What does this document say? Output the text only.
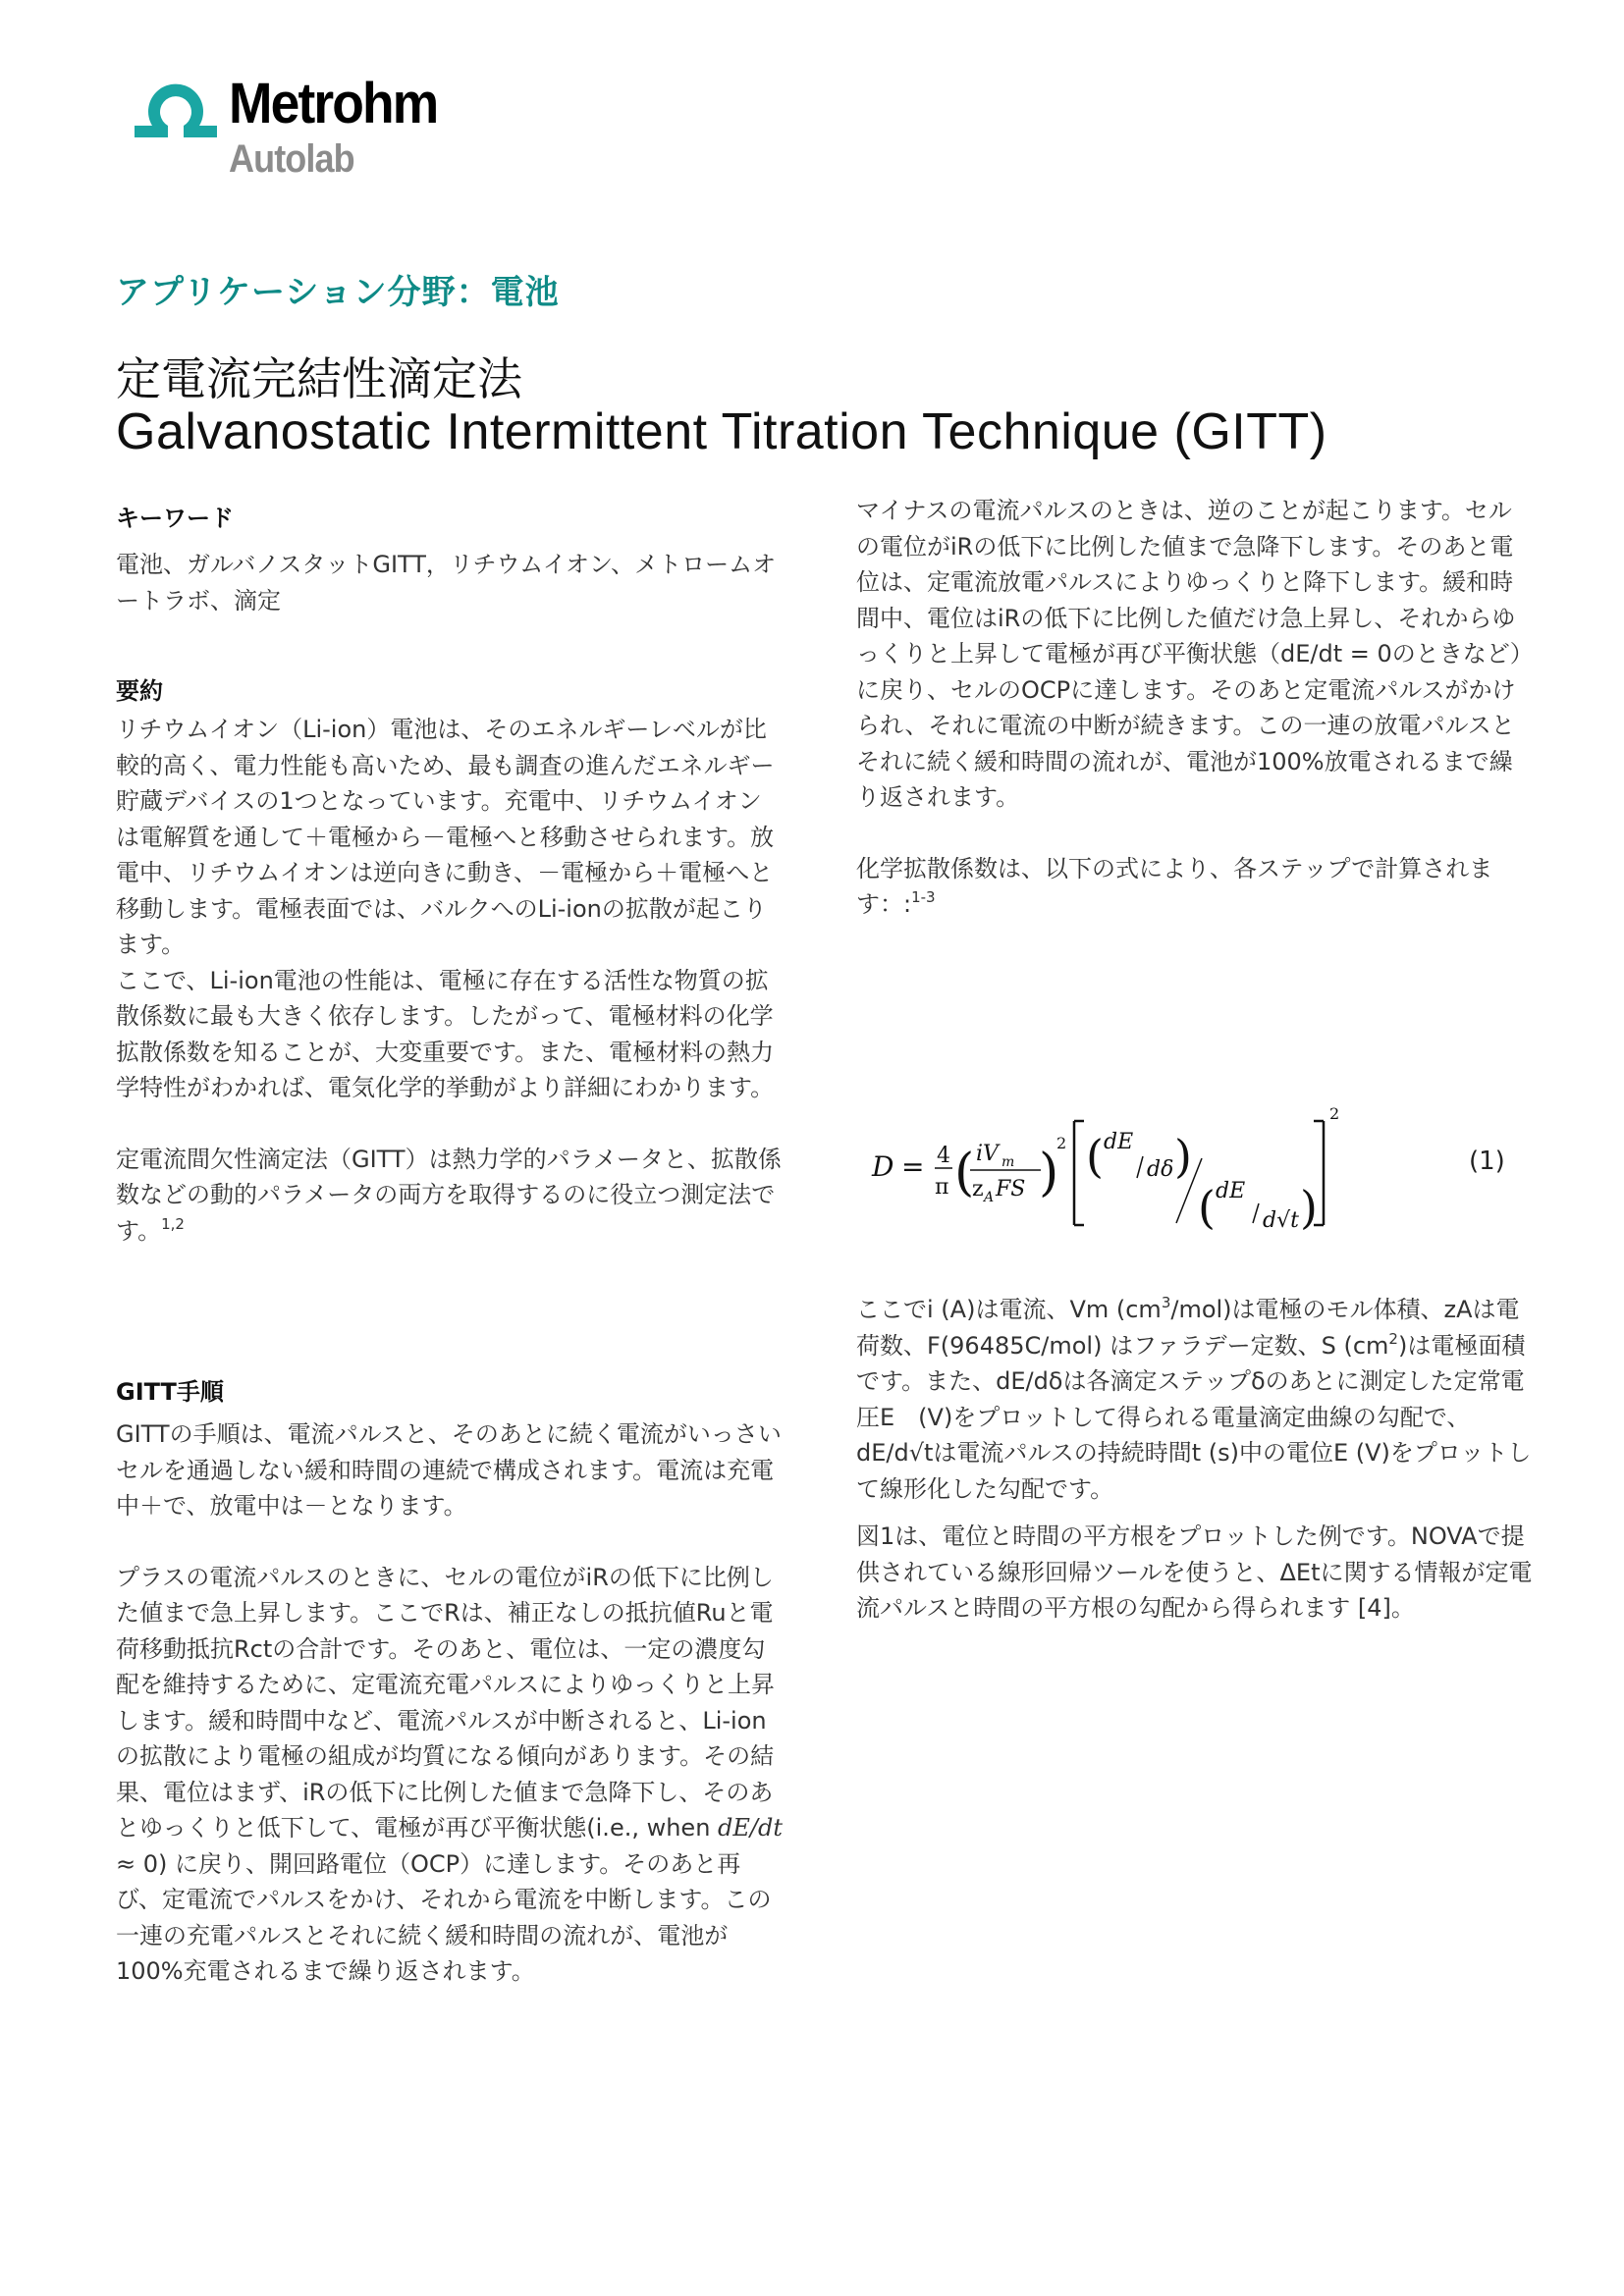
Metrohm
Autolab
アプリケーション分野：電池
定電流完結性滴定法
Galvanostatic Intermittent Titration Technique (GITT)
キーワード

電池、ガルバノスタットGITT，リチウムイオン、メトロームオートラボ、滴定

要約

リチウムイオン（Li-ion）電池は、そのエネルギーレベルが比較的高く、電力性能も高いため、最も調査の進んだエネルギー貯蔵デバイスの1つとなっています。充電中、リチウムイオンは電解質を通して＋電極から－電極へと移動させられます。放電中、リチウムイオンは逆向きに動き、－電極から＋電極へと移動します。電極表面では、バルクへのLi-ionの拡散が起こります。

ここで、Li-ion電池の性能は、電極に存在する活性な物質の拡散係数に最も大きく依存します。したがって、電極材料の化学拡散係数を知ることが、大変重要です。また、電極材料の熱力学特性がわかれば、電気化学的挙動がより詳細にわかります。

定電流間欠性滴定法（GITT）は熱力学的パラメータと、拡散係数などの動的パラメータの両方を取得するのに役立つ測定法です。$^{1,2}$

GITT手順

GITTの手順は、電流パルスと、そのあとに続く電流がいっさいセルを通過しない緩和時間の連続で構成されます。電流は充電中＋で、放電中は－となります。

プラスの電流パルスのときに、セルの電位がiRの低下に比例した値まで急上昇します。ここでRは、補正なしの抵抗値Ruと電荷移動抵抗Rctの合計です。そのあと、電位は、一定の濃度勾配を維持するために、定電流充電パルスによりゆっくりと上昇します。緩和時間中など、電流パルスが中断されると、Li-ionの拡散により電極の組成が均質になる傾向があります。その結果、電位はまず、iRの低下に比例した値まで急降下し、そのあとゆっくりと低下して、電極が再び平衡状態(i.e., when dE/dt ≈ 0) に戻り、開回路電位（OCP）に達します。そのあと再び、定電流でパルスをかけ、それから電流を中断します。この一連の充電パルスとそれに続く緩和時間の流れが、電池が100%充電されるまで繰り返されます。

マイナスの電流パルスのときは、逆のことが起こります。セルの電位がiRの低下に比例した値まで急降下します。そのあと電位は、定電流放電パルスによりゆっくりと降下します。緩和時間中、電位はiRの低下に比例した値だけ急上昇し、それからゆっくりと上昇して電極が再び平衡状態（dE/dt = 0のときなど）に戻り、セルのOCPに達します。そのあと定電流パルスがかけられ、それに電流の中断が続きます。この一連の放電パルスとそれに続く緩和時間の流れが、電池が100%放電されるまで繰り返されます。

化学拡散係数は、以下の式により、各ステップで計算されます：:$^{1-3}$

D = 4
π ( iV m
z A FS )
2 ( dE
dδ )
( dE
d√t )
2
(1)

ここでi (A)は電流、Vm $(cm^3/mol)$は電極のモル体積、zAは電荷数、F(96485C/mol) はファラデー定数、S $(cm^2)$は電極面積です。また、dE/dδは各滴定ステップδのあとに測定した定常電圧E　(V)をプロットして得られる電量滴定曲線の勾配で、dE/d√tは電流パルスの持続時間t (s)中の電位E (V)をプロットして線形化した勾配です。

図1は、電位と時間の平方根をプロットした例です。NOVAで提供されている線形回帰ツールを使うと、ΔEtに関する情報が定電流パルスと時間の平方根の勾配から得られます [4]。
